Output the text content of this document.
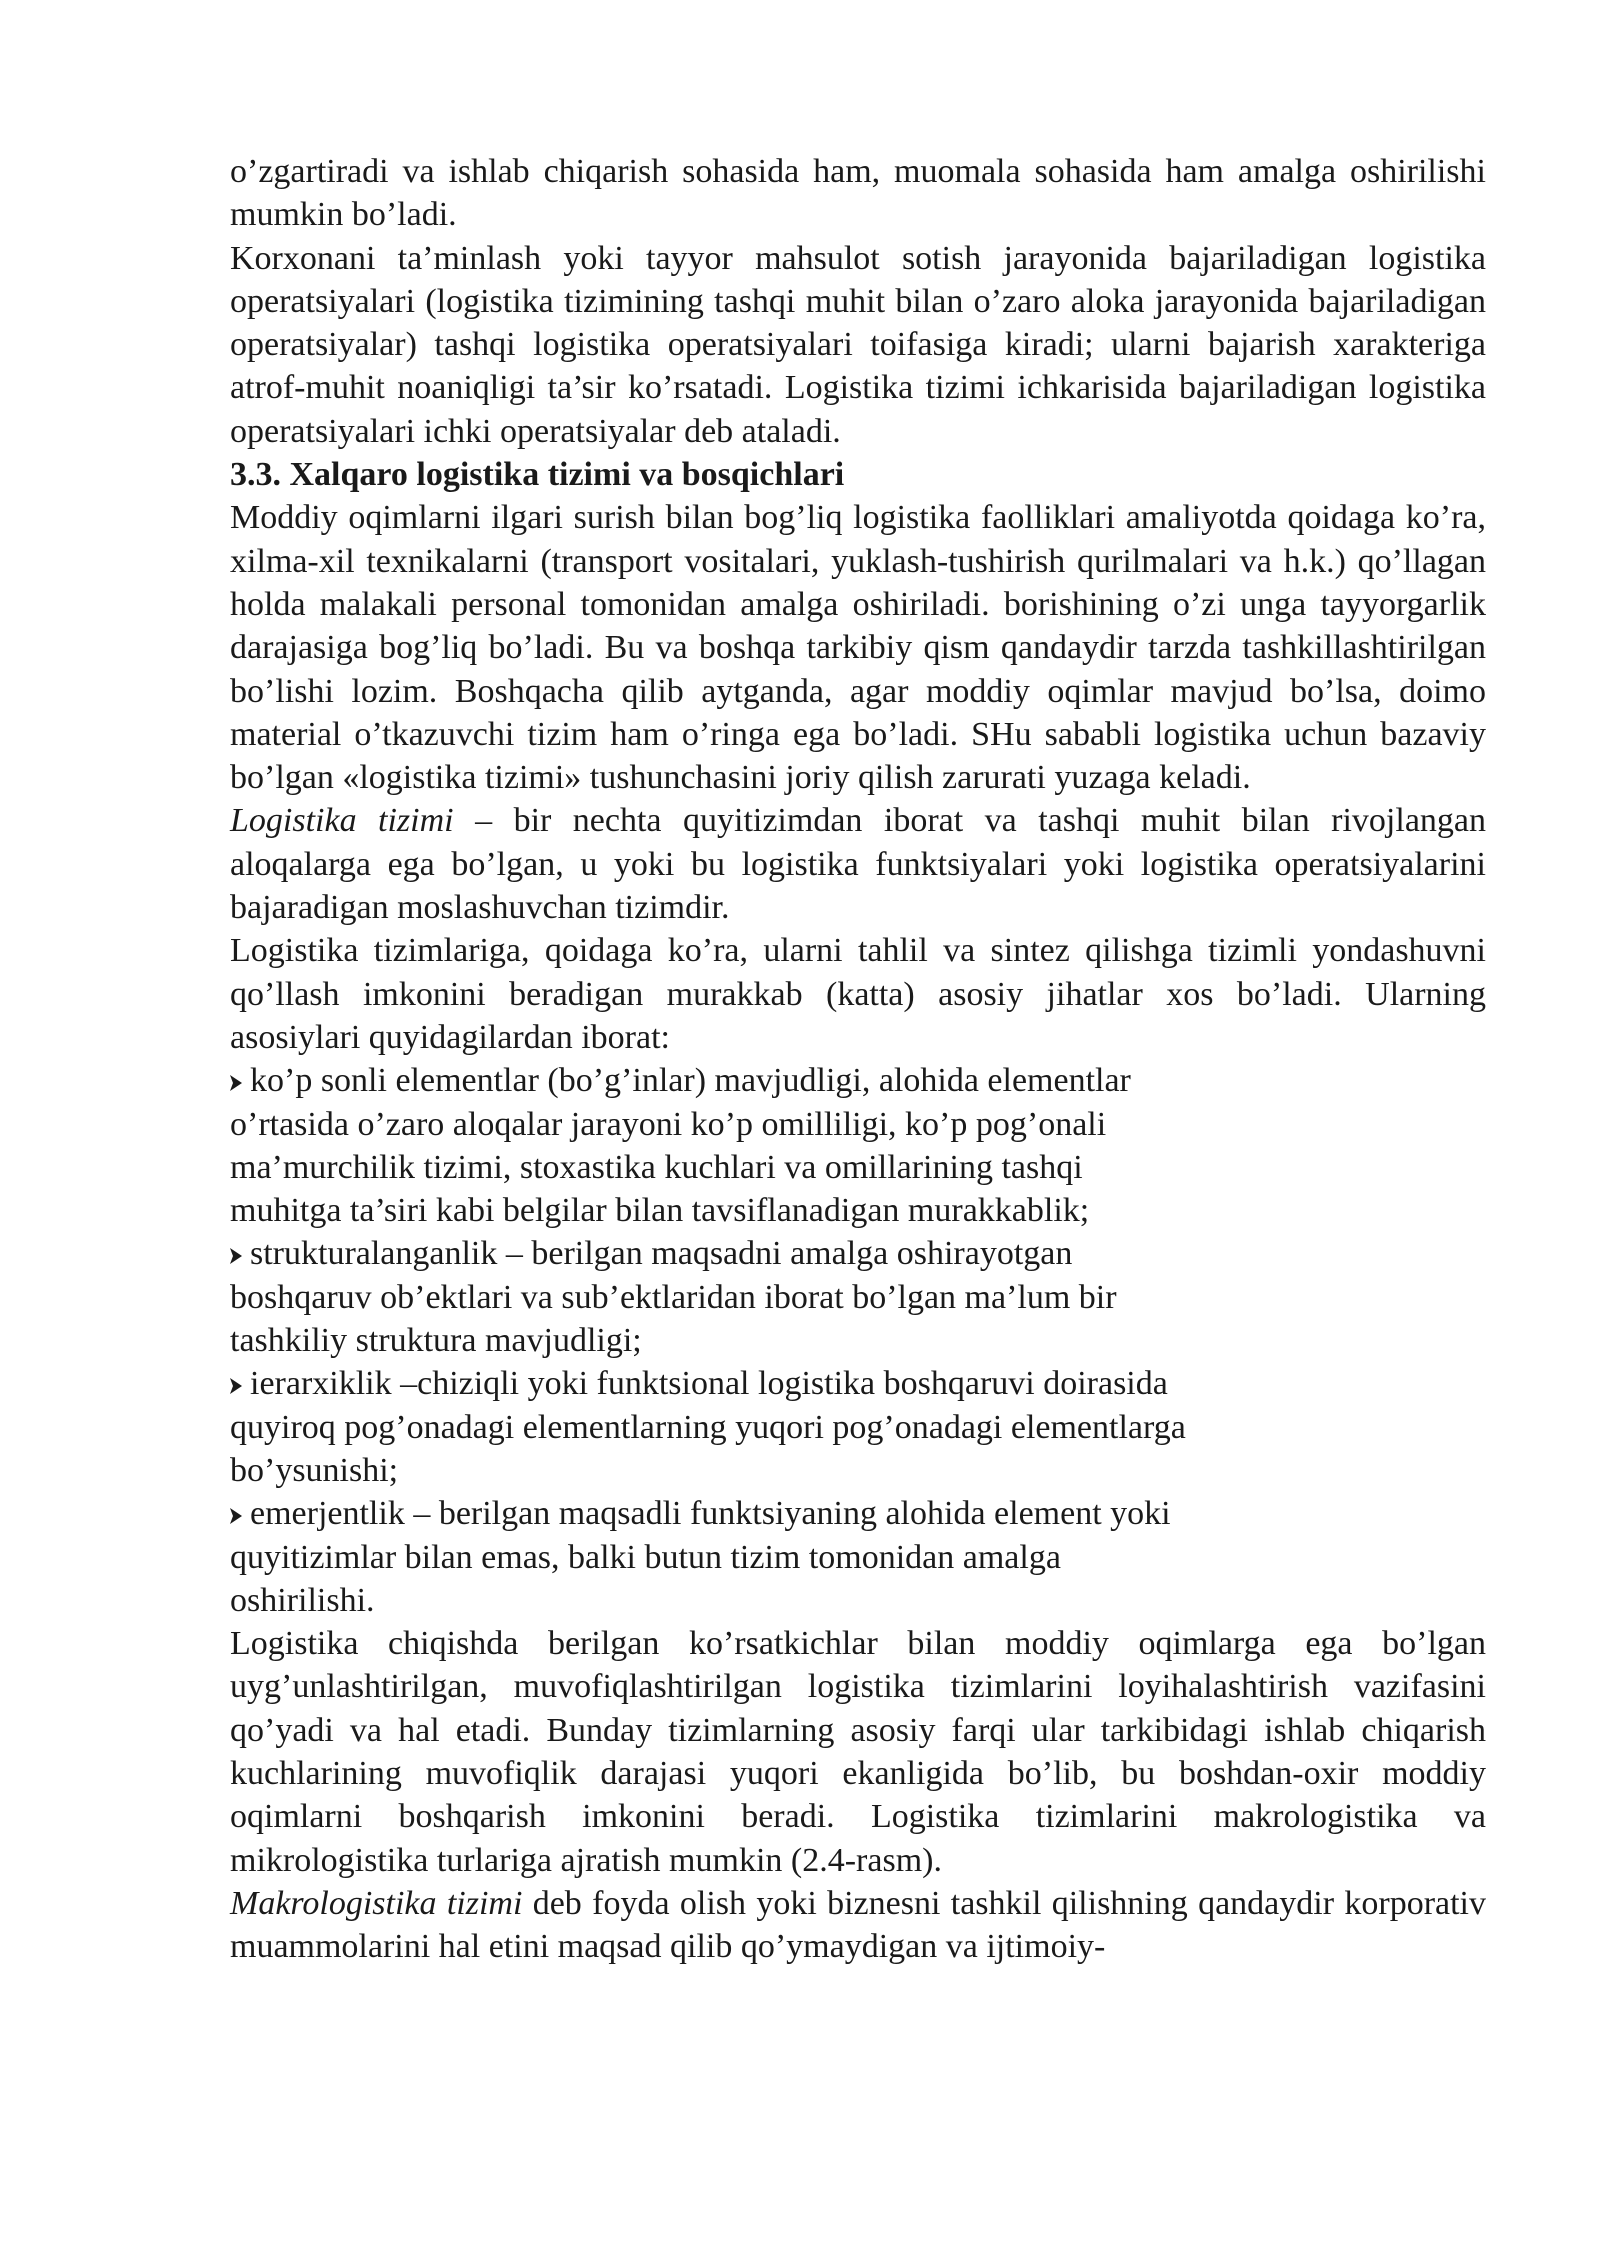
o’zgartiradi va ishlab chiqarish sohasida ham, muomala sohasida ham amalga oshirilishi mumkin bo’ladi.

Korxonani ta’minlash yoki tayyor mahsulot sotish jarayonida bajariladigan logistika operatsiyalari (logistika tizimining tashqi muhit bilan o’zaro aloka jarayonida bajariladigan operatsiyalar) tashqi logistika operatsiyalari toifasiga kiradi; ularni bajarish xarakteriga atrof-muhit noaniqligi ta’sir ko’rsatadi. Logistika tizimi ichkarisida bajariladigan logistika operatsiyalari ichki operatsiyalar deb ataladi.

3.3. Xalqaro logistika tizimi va bosqichlari

Moddiy oqimlarni ilgari surish bilan bog’liq logistika faolliklari amaliyotda qoidaga ko’ra, xilma-xil texnikalarni (transport vositalari, yuklash-tushirish qurilmalari va h.k.) qo’llagan holda malakali personal tomonidan amalga oshiriladi. borishining o’zi unga tayyorgarlik darajasiga bog’liq bo’ladi. Bu va boshqa tarkibiy qism qandaydir tarzda tashkillashtirilgan bo’lishi lozim. Boshqacha qilib aytganda, agar moddiy oqimlar mavjud bo’lsa, doimo material o’tkazuvchi tizim ham o’ringa ega bo’ladi. SHu sababli logistika uchun bazaviy bo’lgan «logistika tizimi» tushunchasini joriy qilish zarurati yuzaga keladi.

Logistika tizimi – bir nechta quyitizimdan iborat va tashqi muhit bilan rivojlangan aloqalarga ega bo’lgan, u yoki bu logistika funktsiyalari yoki logistika operatsiyalarini bajaradigan moslashuvchan tizimdir.

Logistika tizimlariga, qoidaga ko’ra, ularni tahlil va sintez qilishga tizimli yondashuvni qo’llash imkonini beradigan murakkab (katta) asosiy jihatlar xos bo’ladi. Ularning asosiylari quyidagilardan iborat:

ko’p sonli elementlar (bo’g’inlar) mavjudligi, alohida elementlar
o’rtasida o’zaro aloqalar jarayoni ko’p omilliligi, ko’p pog’onali
ma’murchilik tizimi, stoxastika kuchlari va omillarining tashqi
muhitga ta’siri kabi belgilar bilan tavsiflanadigan murakkablik;
strukturalanganlik – berilgan maqsadni amalga oshirayotgan
boshqaruv ob’ektlari va sub’ektlaridan iborat bo’lgan ma’lum bir
tashkiliy struktura mavjudligi;
ierarxiklik –chiziqli yoki funktsional logistika boshqaruvi doirasida
quyiroq pog’onadagi elementlarning yuqori pog’onadagi elementlarga
bo’ysunishi;
emerjentlik – berilgan maqsadli funktsiyaning alohida element yoki
quyitizimlar bilan emas, balki butun tizim tomonidan amalga
oshirilishi.

Logistika chiqishda berilgan ko’rsatkichlar bilan moddiy oqimlarga ega bo’lgan uyg’unlashtirilgan, muvofiqlashtirilgan logistika tizimlarini loyihalashtirish vazifasini qo’yadi va hal etadi. Bunday tizimlarning asosiy farqi ular tarkibidagi ishlab chiqarish kuchlarining muvofiqlik darajasi yuqori ekanligida bo’lib, bu boshdan-oxir moddiy oqimlarni boshqarish imkonini beradi. Logistika tizimlarini makrologistika va mikrologistika turlariga ajratish mumkin (2.4-rasm).

Makrologistika tizimi deb foyda olish yoki biznesni tashkil qilishning qandaydir korporativ muammolarini hal etini maqsad qilib qo’ymaydigan va ijtimoiy-
